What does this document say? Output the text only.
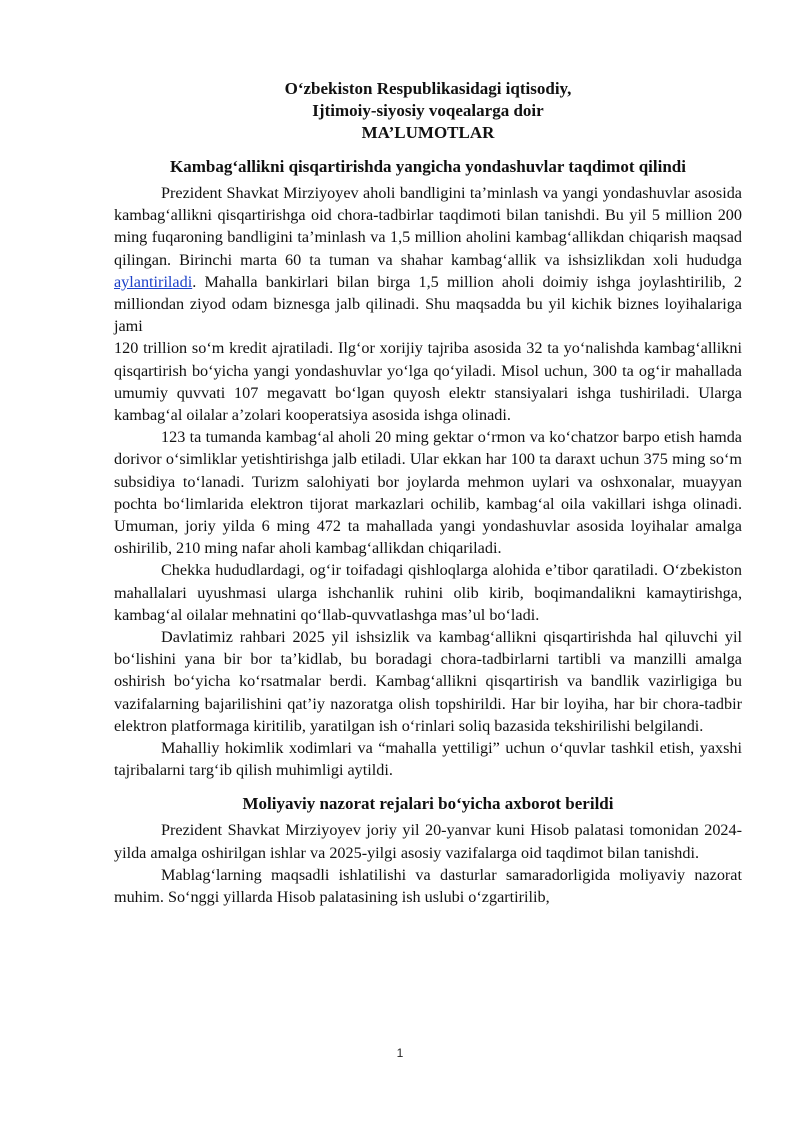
O‘zbekiston Respublikasidagi iqtisodiy,
Ijtimoiy-siyosiy voqealarga doir
MA’LUMOTLAR

Kambag‘allikni qisqartirishda yangicha yondashuvlar taqdimot qilindi

Prezident Shavkat Mirziyoyev aholi bandligini ta’minlash va yangi yondashuvlar asosida kambag‘allikni qisqartirishga oid chora-tadbirlar taqdimoti bilan tanishdi. Bu yil 5 million 200 ming fuqaroning bandligini ta’minlash va 1,5 million aholini kambag‘allikdan chiqarish maqsad qilingan. Birinchi marta 60 ta tuman va shahar kambag‘allik va ishsizlikdan xoli hududga aylantiriladi. Mahalla bankirlari bilan birga 1,5 million aholi doimiy ishga joylashtirilib, 2 milliondan ziyod odam biznesga jalb qilinadi. Shu maqsadda bu yil kichik biznes loyihalariga jami

120 trillion so‘m kredit ajratiladi. Ilg‘or xorijiy tajriba asosida 32 ta yo‘nalishda kambag‘allikni qisqartirish bo‘yicha yangi yondashuvlar yo‘lga qo‘yiladi. Misol uchun, 300 ta og‘ir mahallada umumiy quvvati 107 megavatt bo‘lgan quyosh elektr stansiyalari ishga tushiriladi. Ularga kambag‘al oilalar a’zolari kooperatsiya asosida ishga olinadi.

123 ta tumanda kambag‘al aholi 20 ming gektar o‘rmon va ko‘chatzor barpo etish hamda dorivor o‘simliklar yetishtirishga jalb etiladi. Ular ekkan har 100 ta daraxt uchun 375 ming so‘m subsidiya to‘lanadi. Turizm salohiyati bor joylarda mehmon uylari va oshxonalar, muayyan pochta bo‘limlarida elektron tijorat markazlari ochilib, kambag‘al oila vakillari ishga olinadi. Umuman, joriy yilda 6 ming 472 ta mahallada yangi yondashuvlar asosida loyihalar amalga oshirilib, 210 ming nafar aholi kambag‘allikdan chiqariladi.

Chekka hududlardagi, og‘ir toifadagi qishloqlarga alohida e’tibor qaratiladi. O‘zbekiston mahallalari uyushmasi ularga ishchanlik ruhini olib kirib, boqimandalikni kamaytirishga, kambag‘al oilalar mehnatini qo‘llab-quvvatlashga mas’ul bo‘ladi.

Davlatimiz rahbari 2025 yil ishsizlik va kambag‘allikni qisqartirishda hal qiluvchi yil bo‘lishini yana bir bor ta’kidlab, bu boradagi chora-tadbirlarni tartibli va manzilli amalga oshirish bo‘yicha ko‘rsatmalar berdi. Kambag‘allikni qisqartirish va bandlik vazirligiga bu vazifalarning bajarilishini qat’iy nazoratga olish topshirildi. Har bir loyiha, har bir chora-tadbir elektron platformaga kiritilib, yaratilgan ish o‘rinlari soliq bazasida tekshirilishi belgilandi.

Mahalliy hokimlik xodimlari va “mahalla yettiligi” uchun o‘quvlar tashkil etish, yaxshi tajribalarni targ‘ib qilish muhimligi aytildi.

Moliyaviy nazorat rejalari bo‘yicha axborot berildi

Prezident Shavkat Mirziyoyev joriy yil 20-yanvar kuni Hisob palatasi tomonidan 2024-yilda amalga oshirilgan ishlar va 2025-yilgi asosiy vazifalarga oid taqdimot bilan tanishdi.

Mablag‘larning maqsadli ishlatilishi va dasturlar samaradorligida moliyaviy nazorat muhim. So‘nggi yillarda Hisob palatasining ish uslubi o‘zgartirilib,

1
